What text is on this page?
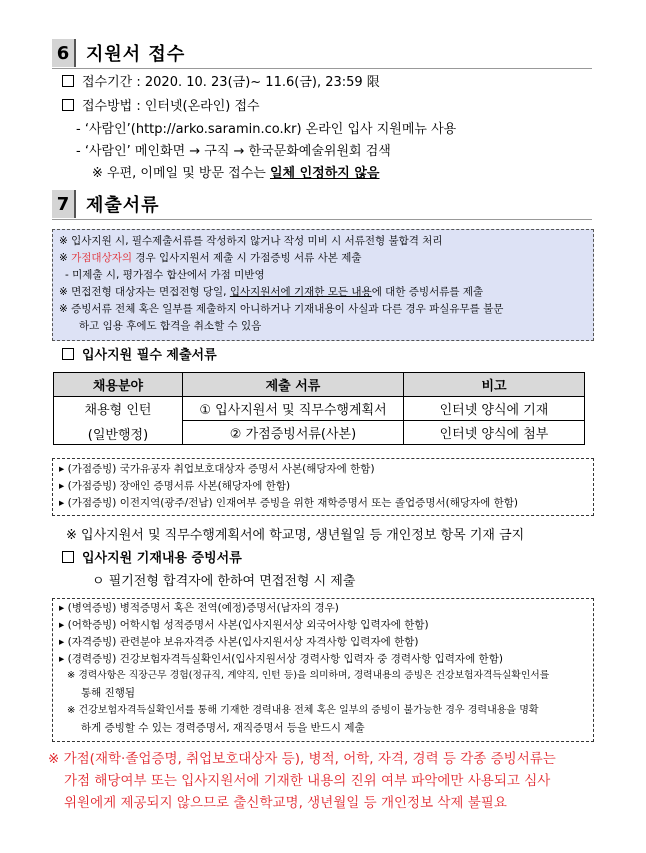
6 지원서 접수
접수기간 : 2020. 10. 23(금)~ 11.6(금), 23:59 限
접수방법 : 인터넷(온라인) 접수
- ‘사람인’(http://arko.saramin.co.kr) 온라인 입사 지원메뉴 사용
- ‘사람인’ 메인화면 → 구직 → 한국문화예술위원회 검색
※ 우편, 이메일 및 방문 접수는 일체 인정하지 않음
7 제출서류
※ 입사지원 시, 필수제출서류를 작성하지 않거나 작성 미비 시 서류전형 불합격 처리
※ 가점대상자의 경우 입사지원서 제출 시 가점증빙 서류 사본 제출
- 미제출 시, 평가점수 합산에서 가점 미반영
※ 면접전형 대상자는 면접전형 당일, 입사지원서에 기재한 모든 내용에 대한 증빙서류를 제출
※ 증빙서류 전체 혹은 일부를 제출하지 아니하거나 기재내용이 사실과 다른 경우 파실유무를 불문
하고 임용 후에도 합격을 취소할 수 있음
입사지원 필수 제출서류
채용분야	제출 서류	비고

채용형 인턴
(일반행정)	① 입사지원서 및 직무수행계획서	인터넷 양식에 기재
	② 가점증빙서류(사본)	인터넷 양식에 첨부
▸ (가점증빙) 국가유공자 취업보호대상자 증명서 사본(해당자에 한함)
▸ (가점증빙) 장애인 증명서류 사본(해당자에 한함)
▸ (가점증빙) 이전지역(광주/전남) 인재여부 증빙을 위한 재학증명서 또는 졸업증명서(해당자에 한함)
※ 입사지원서 및 직무수행계획서에 학교명, 생년월일 등 개인정보 항목 기재 금지
입사지원 기재내용 증빙서류
ㅇ 필기전형 합격자에 한하여 면접전형 시 제출
▸ (병역증빙) 병적증명서 혹은 전역(예정)증명서(남자의 경우)
▸ (어학증빙) 어학시험 성적증명서 사본(입사지원서상 외국어사항 입력자에 한함)
▸ (자격증빙) 관련분야 보유자격증 사본(입사지원서상 자격사항 입력자에 한함)
▸ (경력증빙) 건강보험자격득실확인서(입사지원서상 경력사항 입력자 중 경력사항 입력자에 한함)
※ 경력사항은 직장근무 경험(정규직, 계약직, 인턴 등)을 의미하며, 경력내용의 증빙은 건강보험자격득실확인서를
통해 진행됨
※ 건강보험자격득실확인서를 통해 기재한 경력내용 전체 혹은 일부의 증빙이 불가능한 경우 경력내용을 명확
하게 증빙할 수 있는 경력증명서, 재직증명서 등을 반드시 제출
※ 가점(재학·졸업증명, 취업보호대상자 등), 병적, 어학, 자격, 경력 등 각종 증빙서류는
가점 해당여부 또는 입사지원서에 기재한 내용의 진위 여부 파악에만 사용되고 심사
위원에게 제공되지 않으므로 출신학교명, 생년월일 등 개인정보 삭제 불필요
